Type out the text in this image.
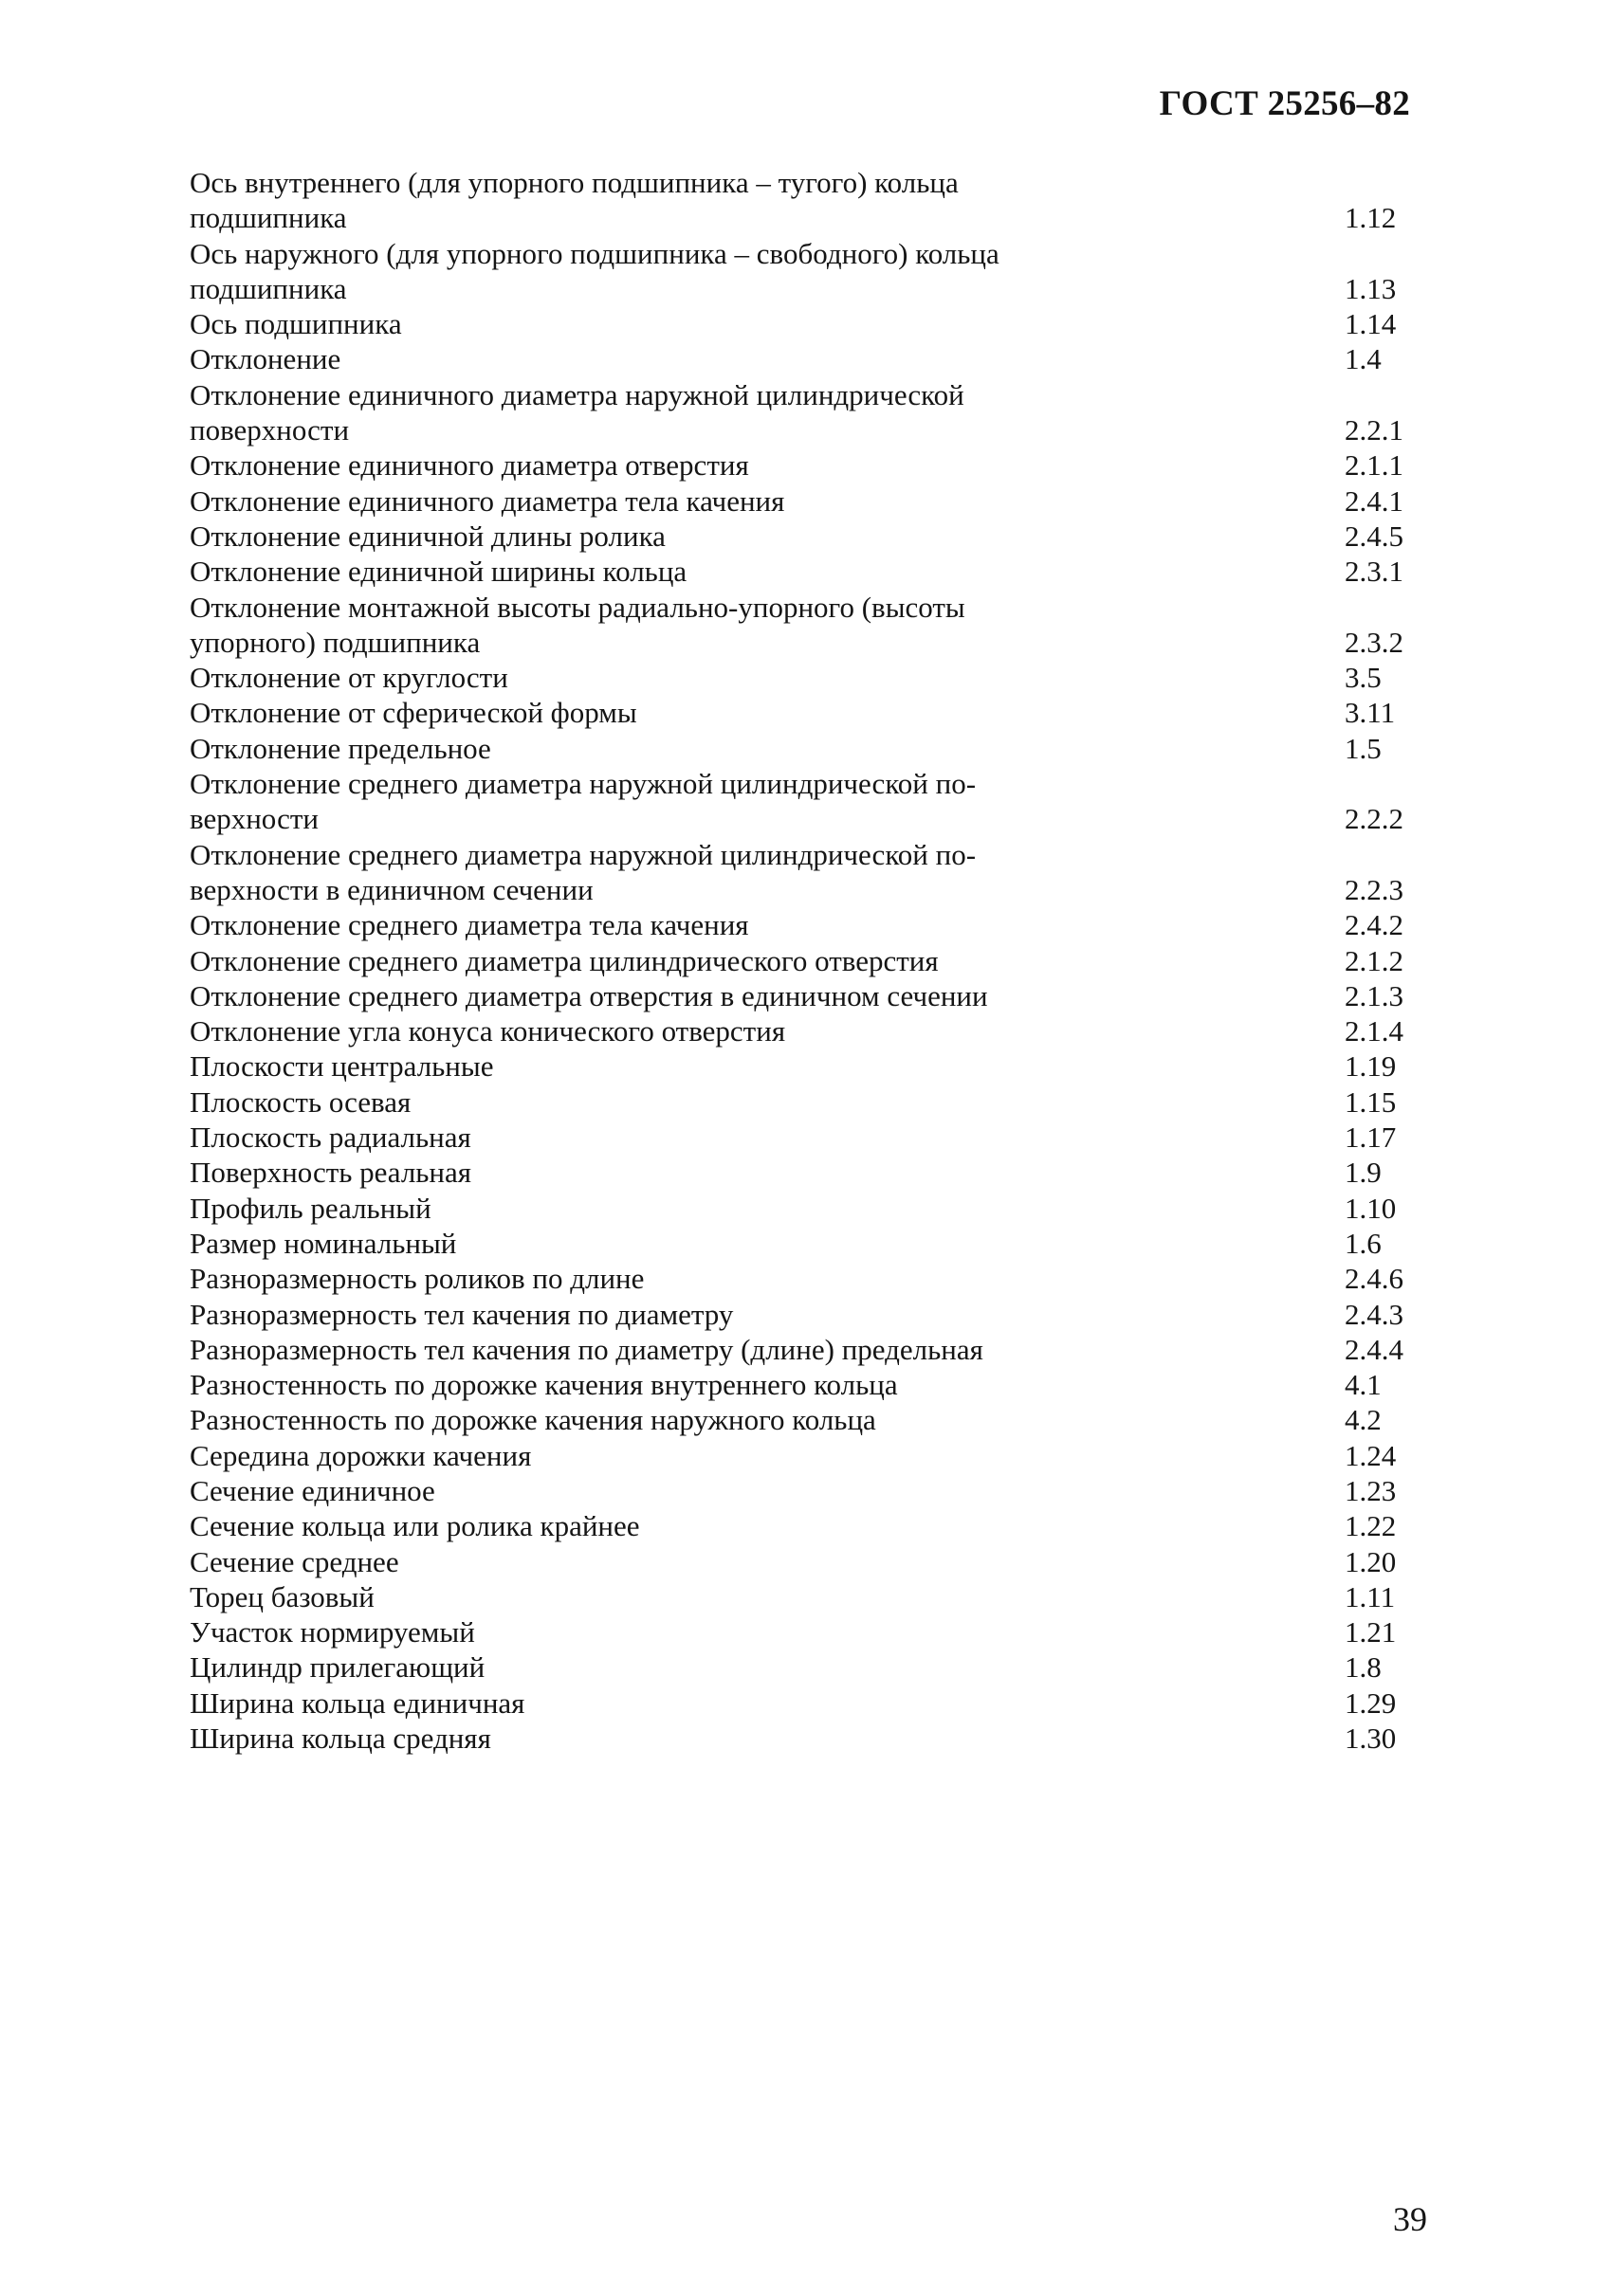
ГОСТ 25256–82
Ось внутреннего (для упорного подшипника – тугого) кольца
подшипника	1.12
Ось наружного (для упорного подшипника – свободного) кольца
подшипника	1.13
Ось подшипника	1.14
Отклонение	1.4
Отклонение единичного диаметра наружной цилиндрической
поверхности	2.2.1
Отклонение единичного диаметра отверстия	2.1.1
Отклонение единичного диаметра тела качения	2.4.1
Отклонение единичной длины ролика	2.4.5
Отклонение единичной ширины кольца	2.3.1
Отклонение монтажной высоты радиально-упорного (высоты
упорного) подшипника	2.3.2
Отклонение от круглости	3.5
Отклонение от сферической формы	3.11
Отклонение предельное	1.5
Отклонение среднего диаметра наружной цилиндрической по-
верхности	2.2.2
Отклонение среднего диаметра наружной цилиндрической по-
верхности в единичном сечении	2.2.3
Отклонение среднего диаметра тела качения	2.4.2
Отклонение среднего диаметра цилиндрического отверстия	2.1.2
Отклонение среднего диаметра отверстия в единичном сечении	2.1.3
Отклонение угла конуса конического отверстия	2.1.4
Плоскости центральные	1.19
Плоскость осевая	1.15
Плоскость радиальная	1.17
Поверхность реальная	1.9
Профиль реальный	1.10
Размер номинальный	1.6
Разноразмерность роликов по длине	2.4.6
Разноразмерность тел качения по диаметру	2.4.3
Разноразмерность тел качения по диаметру (длине) предельная	2.4.4
Разностенность по дорожке качения внутреннего кольца	4.1
Разностенность по дорожке качения наружного кольца	4.2
Середина дорожки качения	1.24
Сечение единичное	1.23
Сечение кольца или ролика крайнее	1.22
Сечение среднее	1.20
Торец базовый	1.11
Участок нормируемый	1.21
Цилиндр прилегающий	1.8
Ширина кольца единичная	1.29
Ширина кольца средняя	1.30
39
